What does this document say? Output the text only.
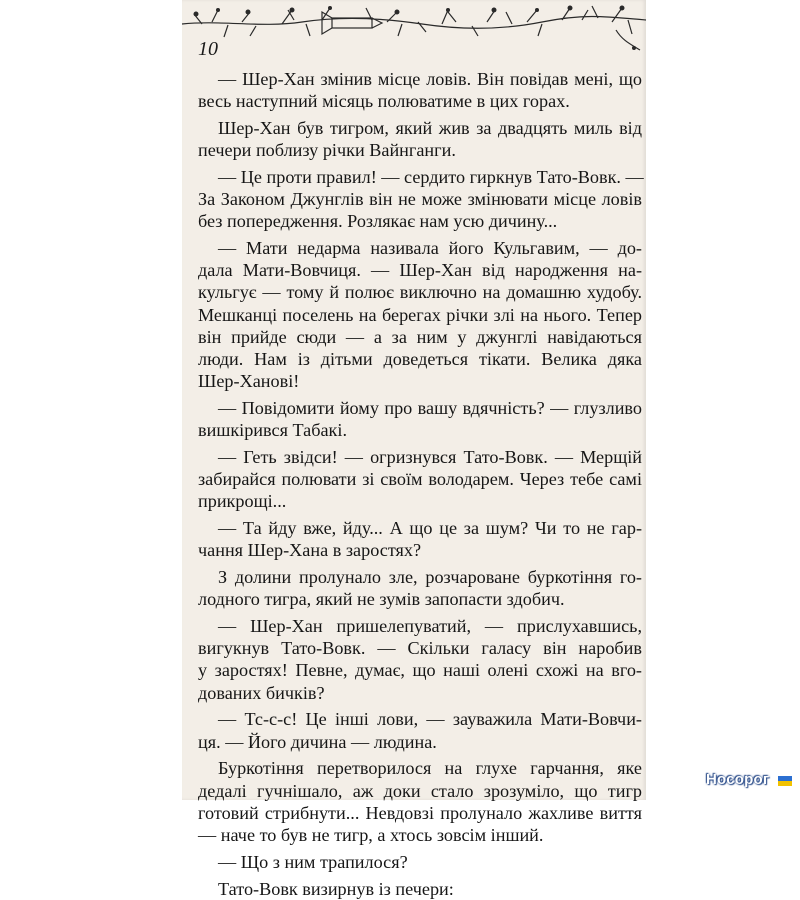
10
— Шер-Хан змінив місце ловів. Він повідав мені, що
весь наступний місяць полюватиме в цих горах.
Шер-Хан був тигром, який жив за двадцять миль від
печери поблизу річки Вайнганги.
— Це проти правил! — сердито гиркнув Тато-Вовк. —
За Законом Джунглів він не може змінювати місце ловів
без попередження. Розлякає нам усю дичину...
— Мати недарма називала його Кульгавим, — до-
дала Мати-Вовчиця. — Шер-Хан від народження на-
кульгує — тому й полює виключно на домашню худобу.
Мешканці поселень на берегах річки злі на нього. Тепер
він прийде сюди — а за ним у джунглі навідаються
люди. Нам із дітьми доведеться тікати. Велика дяка
Шер-Ханові!
— Повідомити йому про вашу вдячність? — глузливо
вишкірився Табакі.
— Геть звідси! — огризнувся Тато-Вовк. — Мерщій
забирайся полювати зі своїм володарем. Через тебе самі
прикрощі...
— Та йду вже, йду... А що це за шум? Чи то не гар-
чання Шер-Хана в заростях?
З долини пролунало зле, розчароване буркотіння го-
лодного тигра, який не зумів запопасти здобич.
— Шер-Хан пришелепуватий, — прислухавшись,
вигукнув Тато-Вовк. — Скільки галасу він наробив
у заростях! Певне, думає, що наші олені схожі на вго-
дованих бичків?
— Тс-с-с! Це інші лови, — зауважила Мати-Вовчи-
ця. — Його дичина — людина.
Буркотіння перетворилося на глухе гарчання, яке
дедалі гучнішало, аж доки стало зрозуміло, що тигр
готовий стрибнути... Невдовзі пролунало жахливе виття
— наче то був не тигр, а хтось зовсім інший.
— Що з ним трапилося?
Тато-Вовк визирнув із печери:
Носорог
